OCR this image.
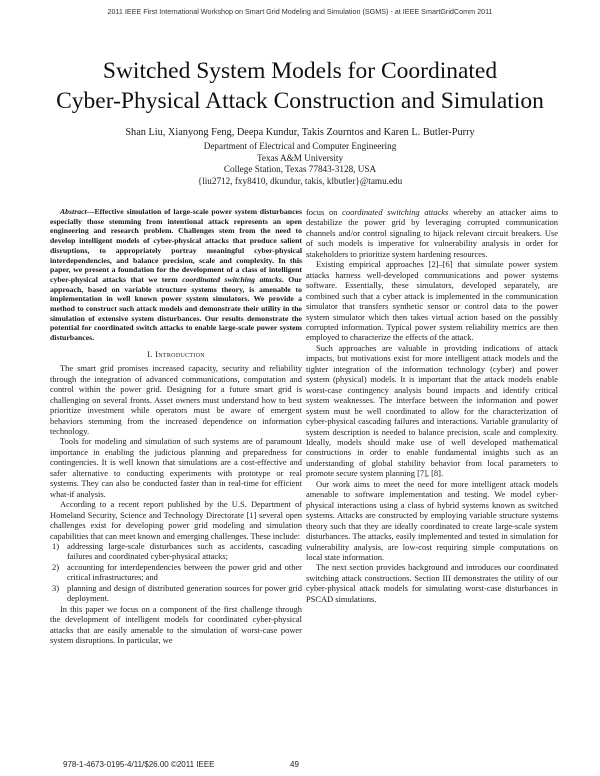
2011 IEEE First International Workshop on Smart Grid Modeling and Simulation (SGMS) - at IEEE SmartGridComm 2011
Switched System Models for Coordinated
Cyber-Physical Attack Construction and Simulation
Shan Liu, Xianyong Feng, Deepa Kundur, Takis Zourntos and Karen L. Butler-Purry
Department of Electrical and Computer Engineering
Texas A&M University
College Station, Texas 77843-3128, USA
{liu2712, fxy8410, dkundur, takis, klbutler}@tamu.edu

Abstract—Effective simulation of large-scale power system disturbances especially those stemming from intentional attack represents an open engineering and research problem. Challenges stem from the need to develop intelligent models of cyber-physical attacks that produce salient disruptions, to appropriately portray meaningful cyber-physical interdependencies, and balance precision, scale and complexity. In this paper, we present a foundation for the development of a class of intelligent cyber-physical attacks that we term coordinated switching attacks. Our approach, based on variable structure systems theory, is amenable to implementation in well known power system simulators. We provide a method to construct such attack models and demonstrate their utility in the simulation of extensive system disturbances. Our results demonstrate the potential for coordinated switch attacks to enable large-scale power system disturbances.

I. Introduction

The smart grid promises increased capacity, security and reliability through the integration of advanced communications, computation and control within the power grid. Designing for a future smart grid is challenging on several fronts. Asset owners must understand how to best prioritize investment while operators must be aware of emergent behaviors stemming from the increased dependence on information technology.

Tools for modeling and simulation of such systems are of paramount importance in enabling the judicious planning and preparedness for contingencies. It is well known that simulations are a cost-effective and safer alternative to conducting experiments with prototype or real systems. They can also be conducted faster than in real-time for efficient what-if analysis.

According to a recent report published by the U.S. Department of Homeland Security, Science and Technology Directorate [1] several open challenges exist for developing power grid modeling and simulation capabilities that can meet known and emerging challenges. These include:

addressing large-scale disturbances such as accidents, cascading failures and coordinated cyber-physical attacks;
accounting for interdependencies between the power grid and other critical infrastructures; and
planning and design of distributed generation sources for power grid deployment.

In this paper we focus on a component of the first challenge through the development of intelligent models for coordinated cyber-physical attacks that are easily amenable to the simulation of worst-case power system disruptions. In particular, we

focus on coordinated switching attacks whereby an attacker aims to destabilize the power grid by leveraging corrupted communication channels and/or control signaling to hijack relevant circuit breakers. Use of such models is imperative for vulnerability analysis in order for stakeholders to prioritize system hardening resources.

Existing empirical approaches [2]–[6] that simulate power system attacks harness well-developed communications and power systems software. Essentially, these simulators, developed separately, are combined such that a cyber attack is implemented in the communication simulator that transfers synthetic sensor or control data to the power system simulator which then takes virtual action based on the possibly corrupted information. Typical power system reliability metrics are then employed to characterize the effects of the attack.

Such approaches are valuable in providing indications of attack impacts, but motivations exist for more intelligent attack models and the tighter integration of the information technology (cyber) and power system (physical) models. It is important that the attack models enable worst-case contingency analysis bound impacts and identify critical system weaknesses. The interface between the information and power system must be well coordinated to allow for the characterization of cyber-physical cascading failures and interactions. Variable granularity of system description is needed to balance precision, scale and complexity. Ideally, models should make use of well developed mathematical constructions in order to enable fundamental insights such as an understanding of global stability behavior from local parameters to promote secure system planning [7], [8].

Our work aims to meet the need for more intelligent attack models amenable to software implementation and testing. We model cyber-physical interactions using a class of hybrid systems known as switched systems. Attacks are constructed by employing variable structure systems theory such that they are ideally coordinated to create large-scale system disturbances. The attacks, easily implemented and tested in simulation for vulnerability analysis, are low-cost requiring simple computations on local state information.

The next section provides background and introduces our coordinated switching attack constructions. Section III demonstrates the utility of our cyber-physical attack models for simulating worst-case disturbances in PSCAD simulations.

978-1-4673-0195-4/11/$26.00 ©2011 IEEE	49
